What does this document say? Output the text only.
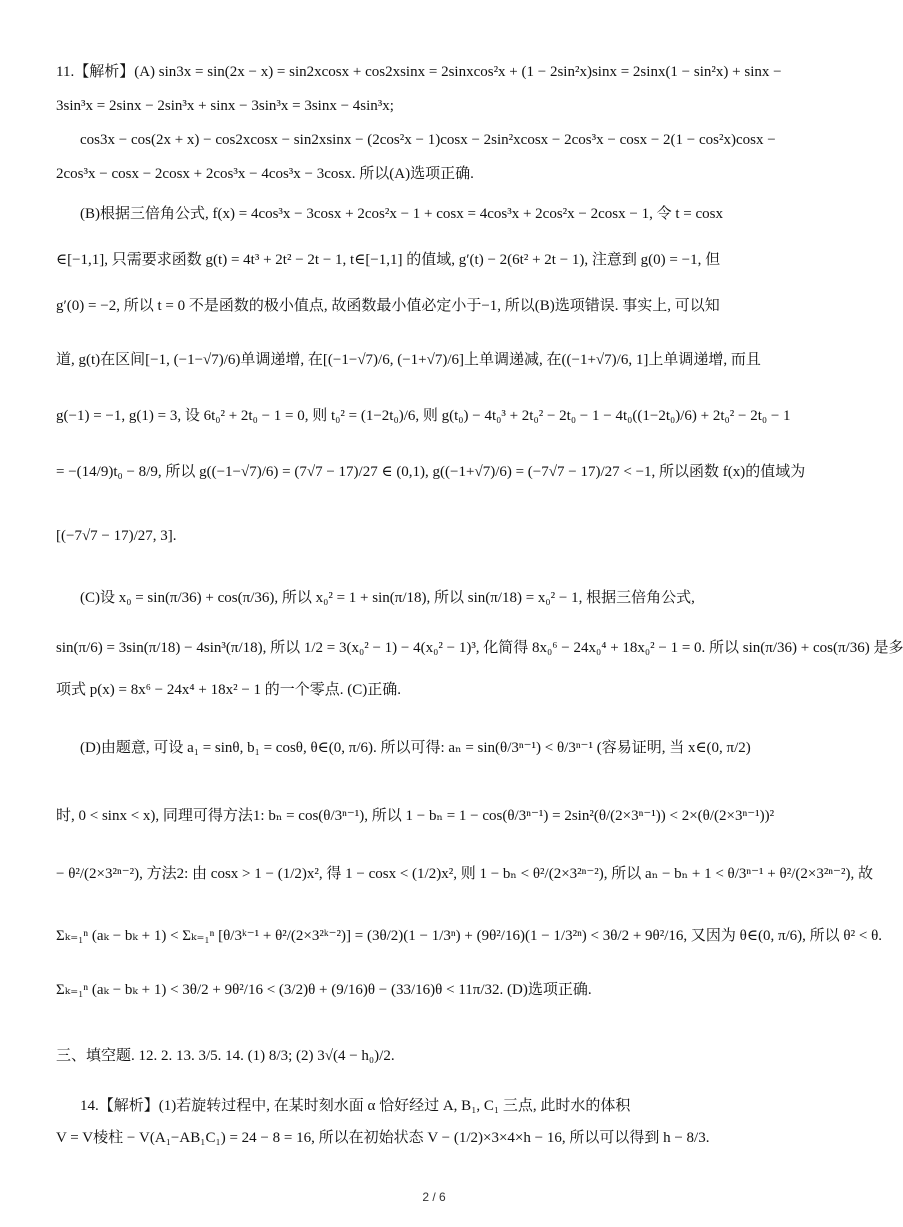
11.【解析】(A) sin3x = sin(2x − x) = sin2xcosx + cos2xsinx = 2sinxcos²x + (1 − 2sin²x)sinx = 2sinx(1 − sin²x) + sinx −
3sin³x = 2sinx − 2sin³x + sinx − 3sin³x = 3sinx − 4sin³x;
cos3x − cos(2x + x) − cos2xcosx − sin2xsinx − (2cos²x − 1)cosx − 2sin²xcosx − 2cos³x − cosx − 2(1 − cos²x)cosx −
2cos³x − cosx − 2cosx + 2cos³x − 4cos³x − 3cosx. 所以(A)选项正确.
(B)根据三倍角公式, f(x) = 4cos³x − 3cosx + 2cos²x − 1 + cosx = 4cos³x + 2cos²x − 2cosx − 1, 令 t = cosx
∈[−1,1], 只需要求函数 g(t) = 4t³ + 2t² − 2t − 1, t∈[−1,1] 的值域, g′(t) − 2(6t² + 2t − 1), 注意到 g(0) = −1, 但
g′(0) = −2, 所以 t = 0 不是函数的极小值点, 故函数最小值必定小于−1, 所以(B)选项错误. 事实上, 可以知
道, g(t)在区间[−1, (−1−√7)/6)单调递增, 在[(−1−√7)/6, (−1+√7)/6]上单调递减, 在((−1+√7)/6, 1]上单调递增, 而且
g(−1) = −1, g(1) = 3, 设 6t₀² + 2t₀ − 1 = 0, 则 t₀² = (1−2t₀)/6, 则 g(t₀) − 4t₀³ + 2t₀² − 2t₀ − 1 − 4t₀((1−2t₀)/6) + 2t₀² − 2t₀ − 1
= −(14/9)t₀ − 8/9, 所以 g((−1−√7)/6) = (7√7 − 17)/27 ∈ (0,1), g((−1+√7)/6) = (−7√7 − 17)/27 < −1, 所以函数 f(x)的值域为
[(−7√7 − 17)/27, 3].
(C)设 x₀ = sin(π/36) + cos(π/36), 所以 x₀² = 1 + sin(π/18), 所以 sin(π/18) = x₀² − 1, 根据三倍角公式,
sin(π/6) = 3sin(π/18) − 4sin³(π/18), 所以 1/2 = 3(x₀² − 1) − 4(x₀² − 1)³, 化简得 8x₀⁶ − 24x₀⁴ + 18x₀² − 1 = 0. 所以 sin(π/36) + cos(π/36) 是多
项式 p(x) = 8x⁶ − 24x⁴ + 18x² − 1 的一个零点. (C)正确.
(D)由题意, 可设 a₁ = sinθ, b₁ = cosθ, θ∈(0, π/6). 所以可得: aₙ = sin(θ/3ⁿ⁻¹) < θ/3ⁿ⁻¹ (容易证明, 当 x∈(0, π/2)
时, 0 < sinx < x), 同理可得方法1: bₙ = cos(θ/3ⁿ⁻¹), 所以 1 − bₙ = 1 − cos(θ/3ⁿ⁻¹) = 2sin²(θ/(2×3ⁿ⁻¹)) < 2×(θ/(2×3ⁿ⁻¹))²
− θ²/(2×3²ⁿ⁻²), 方法2: 由 cosx > 1 − (1/2)x², 得 1 − cosx < (1/2)x², 则 1 − bₙ < θ²/(2×3²ⁿ⁻²), 所以 aₙ − bₙ + 1 < θ/3ⁿ⁻¹ + θ²/(2×3²ⁿ⁻²), 故
Σₖ₌₁ⁿ (aₖ − bₖ + 1) < Σₖ₌₁ⁿ [θ/3ᵏ⁻¹ + θ²/(2×3²ᵏ⁻²)] = (3θ/2)(1 − 1/3ⁿ) + (9θ²/16)(1 − 1/3²ⁿ) < 3θ/2 + 9θ²/16, 又因为 θ∈(0, π/6), 所以 θ² < θ.
Σₖ₌₁ⁿ (aₖ − bₖ + 1) < 3θ/2 + 9θ²/16 < (3/2)θ + (9/16)θ − (33/16)θ < 11π/32. (D)选项正确.
三、填空题. 12. 2. 13. 3/5. 14. (1) 8/3; (2) 3√(4 − h₀)/2.
14.【解析】(1)若旋转过程中, 在某时刻水面 α 恰好经过 A, B₁, C₁ 三点, 此时水的体积
V = V棱柱 − V(A₁−AB₁C₁) = 24 − 8 = 16, 所以在初始状态 V − (1/2)×3×4×h − 16, 所以可以得到 h − 8/3.
2 / 6
